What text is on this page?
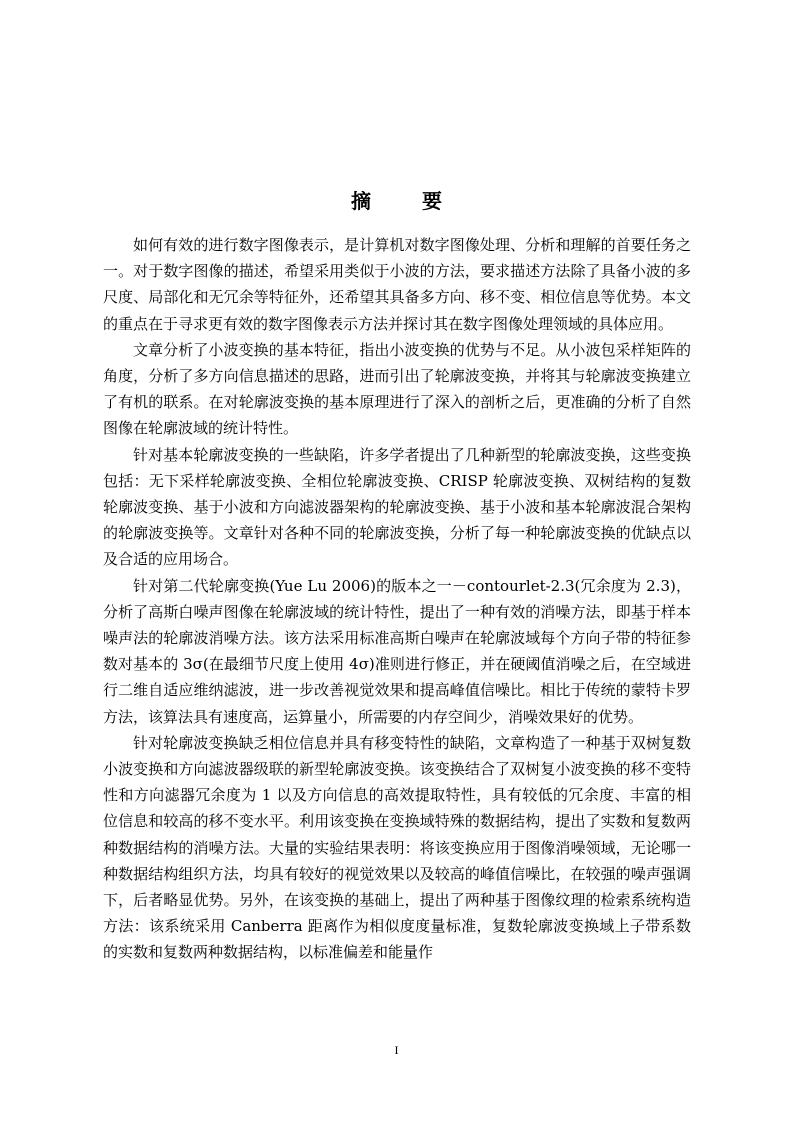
摘 要

如何有效的进行数字图像表示，是计算机对数字图像处理、分析和理解的首要任务之一。对于数字图像的描述，希望采用类似于小波的方法，要求描述方法除了具备小波的多尺度、局部化和无冗余等特征外，还希望其具备多方向、移不变、相位信息等优势。本文的重点在于寻求更有效的数字图像表示方法并探讨其在数字图像处理领域的具体应用。

文章分析了小波变换的基本特征，指出小波变换的优势与不足。从小波包采样矩阵的角度，分析了多方向信息描述的思路，进而引出了轮廓波变换，并将其与轮廓波变换建立了有机的联系。在对轮廓波变换的基本原理进行了深入的剖析之后，更准确的分析了自然图像在轮廓波域的统计特性。

针对基本轮廓波变换的一些缺陷，许多学者提出了几种新型的轮廓波变换，这些变换包括：无下采样轮廓波变换、全相位轮廓波变换、CRISP 轮廓波变换、双树结构的复数轮廓波变换、基于小波和方向滤波器架构的轮廓波变换、基于小波和基本轮廓波混合架构的轮廓波变换等。文章针对各种不同的轮廓波变换，分析了每一种轮廓波变换的优缺点以及合适的应用场合。

针对第二代轮廓变换(Yue Lu 2006)的版本之一－contourlet-2.3(冗余度为 2.3)，分析了高斯白噪声图像在轮廓波域的统计特性，提出了一种有效的消噪方法，即基于样本噪声法的轮廓波消噪方法。该方法采用标准高斯白噪声在轮廓波域每个方向子带的特征参数对基本的 3σ(在最细节尺度上使用 4σ)准则进行修正，并在硬阈值消噪之后，在空域进行二维自适应维纳滤波，进一步改善视觉效果和提高峰值信噪比。相比于传统的蒙特卡罗方法，该算法具有速度高，运算量小，所需要的内存空间少，消噪效果好的优势。

针对轮廓波变换缺乏相位信息并具有移变特性的缺陷，文章构造了一种基于双树复数小波变换和方向滤波器级联的新型轮廓波变换。该变换结合了双树复小波变换的移不变特性和方向滤器冗余度为 1 以及方向信息的高效提取特性，具有较低的冗余度、丰富的相位信息和较高的移不变水平。利用该变换在变换域特殊的数据结构，提出了实数和复数两种数据结构的消噪方法。大量的实验结果表明：将该变换应用于图像消噪领域，无论哪一种数据结构组织方法，均具有较好的视觉效果以及较高的峰值信噪比，在较强的噪声强调下，后者略显优势。另外，在该变换的基础上，提出了两种基于图像纹理的检索系统构造方法：该系统采用 Canberra 距离作为相似度度量标准，复数轮廓波变换域上子带系数的实数和复数两种数据结构，以标准偏差和能量作

I
